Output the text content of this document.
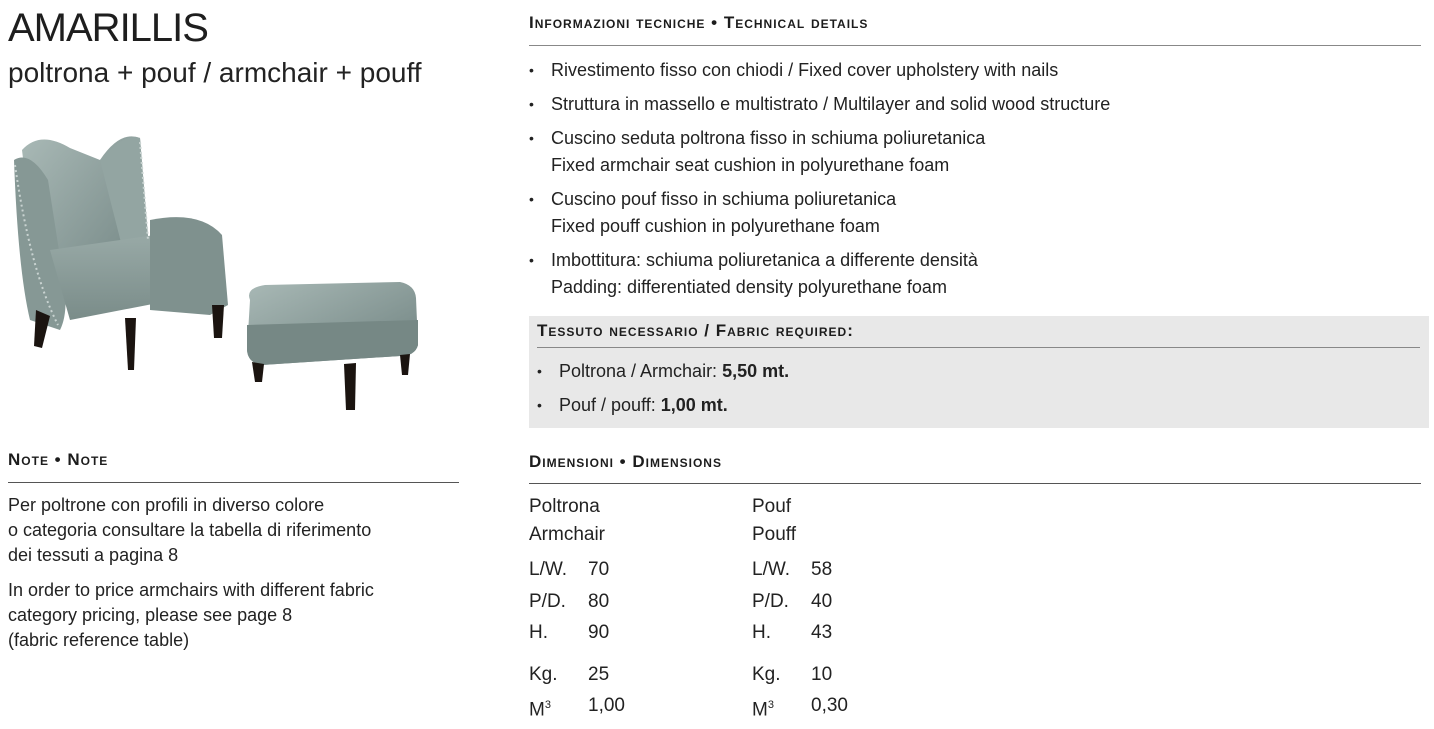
AMARILLIS
poltrona + pouf / armchair + pouff
Note • Note
Per poltrone con profili in diverso colore
o categoria consultare la tabella di riferimento
dei tessuti a pagina 8
In order to price armchairs with different fabric
category pricing, please see page 8
(fabric reference table)
Informazioni tecniche • Technical details
• Rivestimento fisso con chiodi / Fixed cover upholstery with nails
• Struttura in massello e multistrato / Multilayer and solid wood structure
• Cuscino seduta poltrona fisso in schiuma poliuretanica
Fixed armchair seat cushion in polyurethane foam
• Cuscino pouf fisso in schiuma poliuretanica
Fixed pouff cushion in polyurethane foam
• Imbottitura: schiuma poliuretanica a differente densità
Padding: differentiated density polyurethane foam
Tessuto necessario / Fabric required:
• Poltrona / Armchair: 5,50 mt.
• Pouf / pouff: 1,00 mt.
Dimensioni • Dimensions
Poltrona
Armchair
L/W. 70
P/D. 80
H. 90
Kg. 25
$M^3$ 1,00
Pouf
Pouff
L/W. 58
P/D. 40
H. 43
Kg. 10
$M^3$ 0,30
